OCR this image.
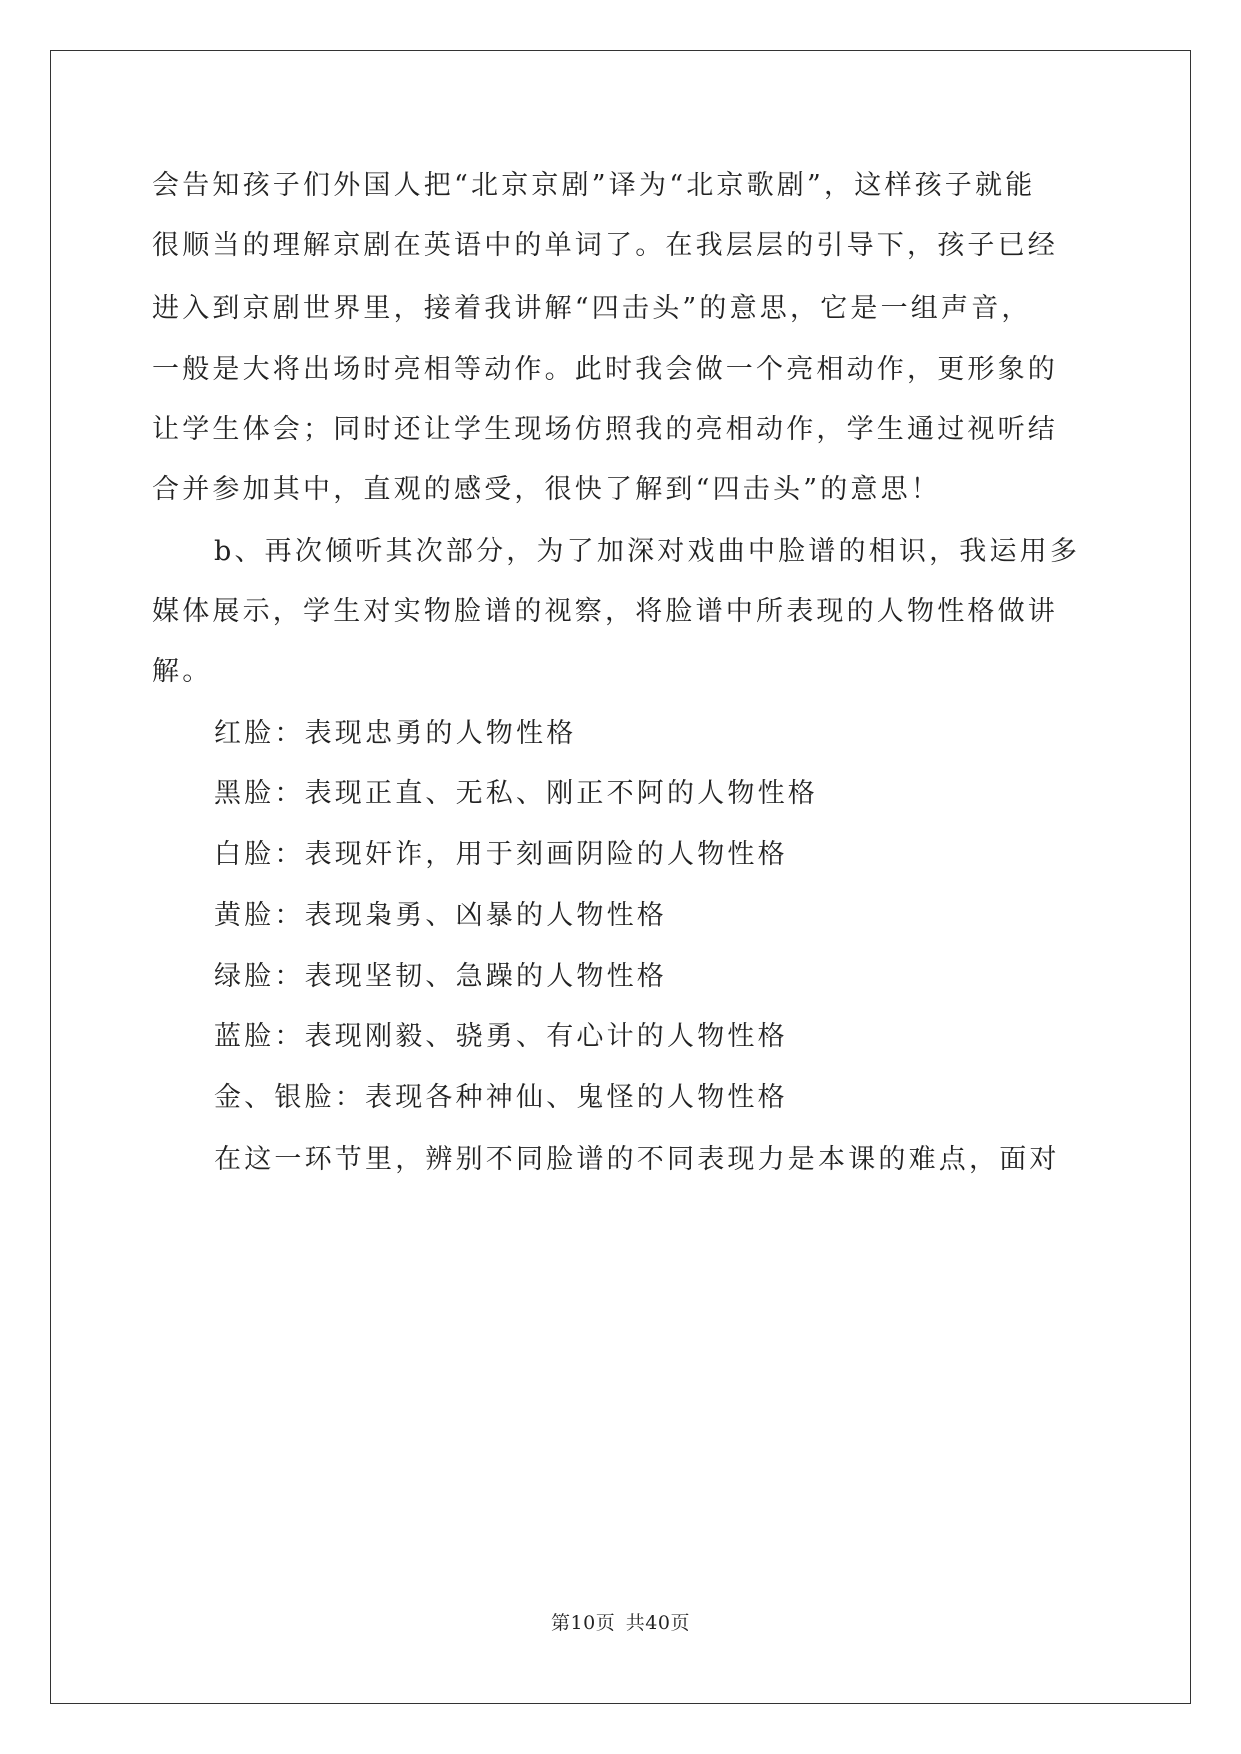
会告知孩子们外国人把“北京京剧”译为“北京歌剧”，这样孩子就能
很顺当的理解京剧在英语中的单词了。在我层层的引导下，孩子已经
进入到京剧世界里，接着我讲解“四击头”的意思，它是一组声音，
一般是大将出场时亮相等动作。此时我会做一个亮相动作，更形象的
让学生体会；同时还让学生现场仿照我的亮相动作，学生通过视听结
合并参加其中，直观的感受，很快了解到“四击头”的意思！
b、再次倾听其次部分，为了加深对戏曲中脸谱的相识，我运用多
媒体展示，学生对实物脸谱的视察，将脸谱中所表现的人物性格做讲
解。
红脸：表现忠勇的人物性格
黑脸：表现正直、无私、刚正不阿的人物性格
白脸：表现奸诈，用于刻画阴险的人物性格
黄脸：表现枭勇、凶暴的人物性格
绿脸：表现坚韧、急躁的人物性格
蓝脸：表现刚毅、骁勇、有心计的人物性格
金、银脸：表现各种神仙、鬼怪的人物性格
在这一环节里，辨别不同脸谱的不同表现力是本课的难点，面对
第10页 共40页
